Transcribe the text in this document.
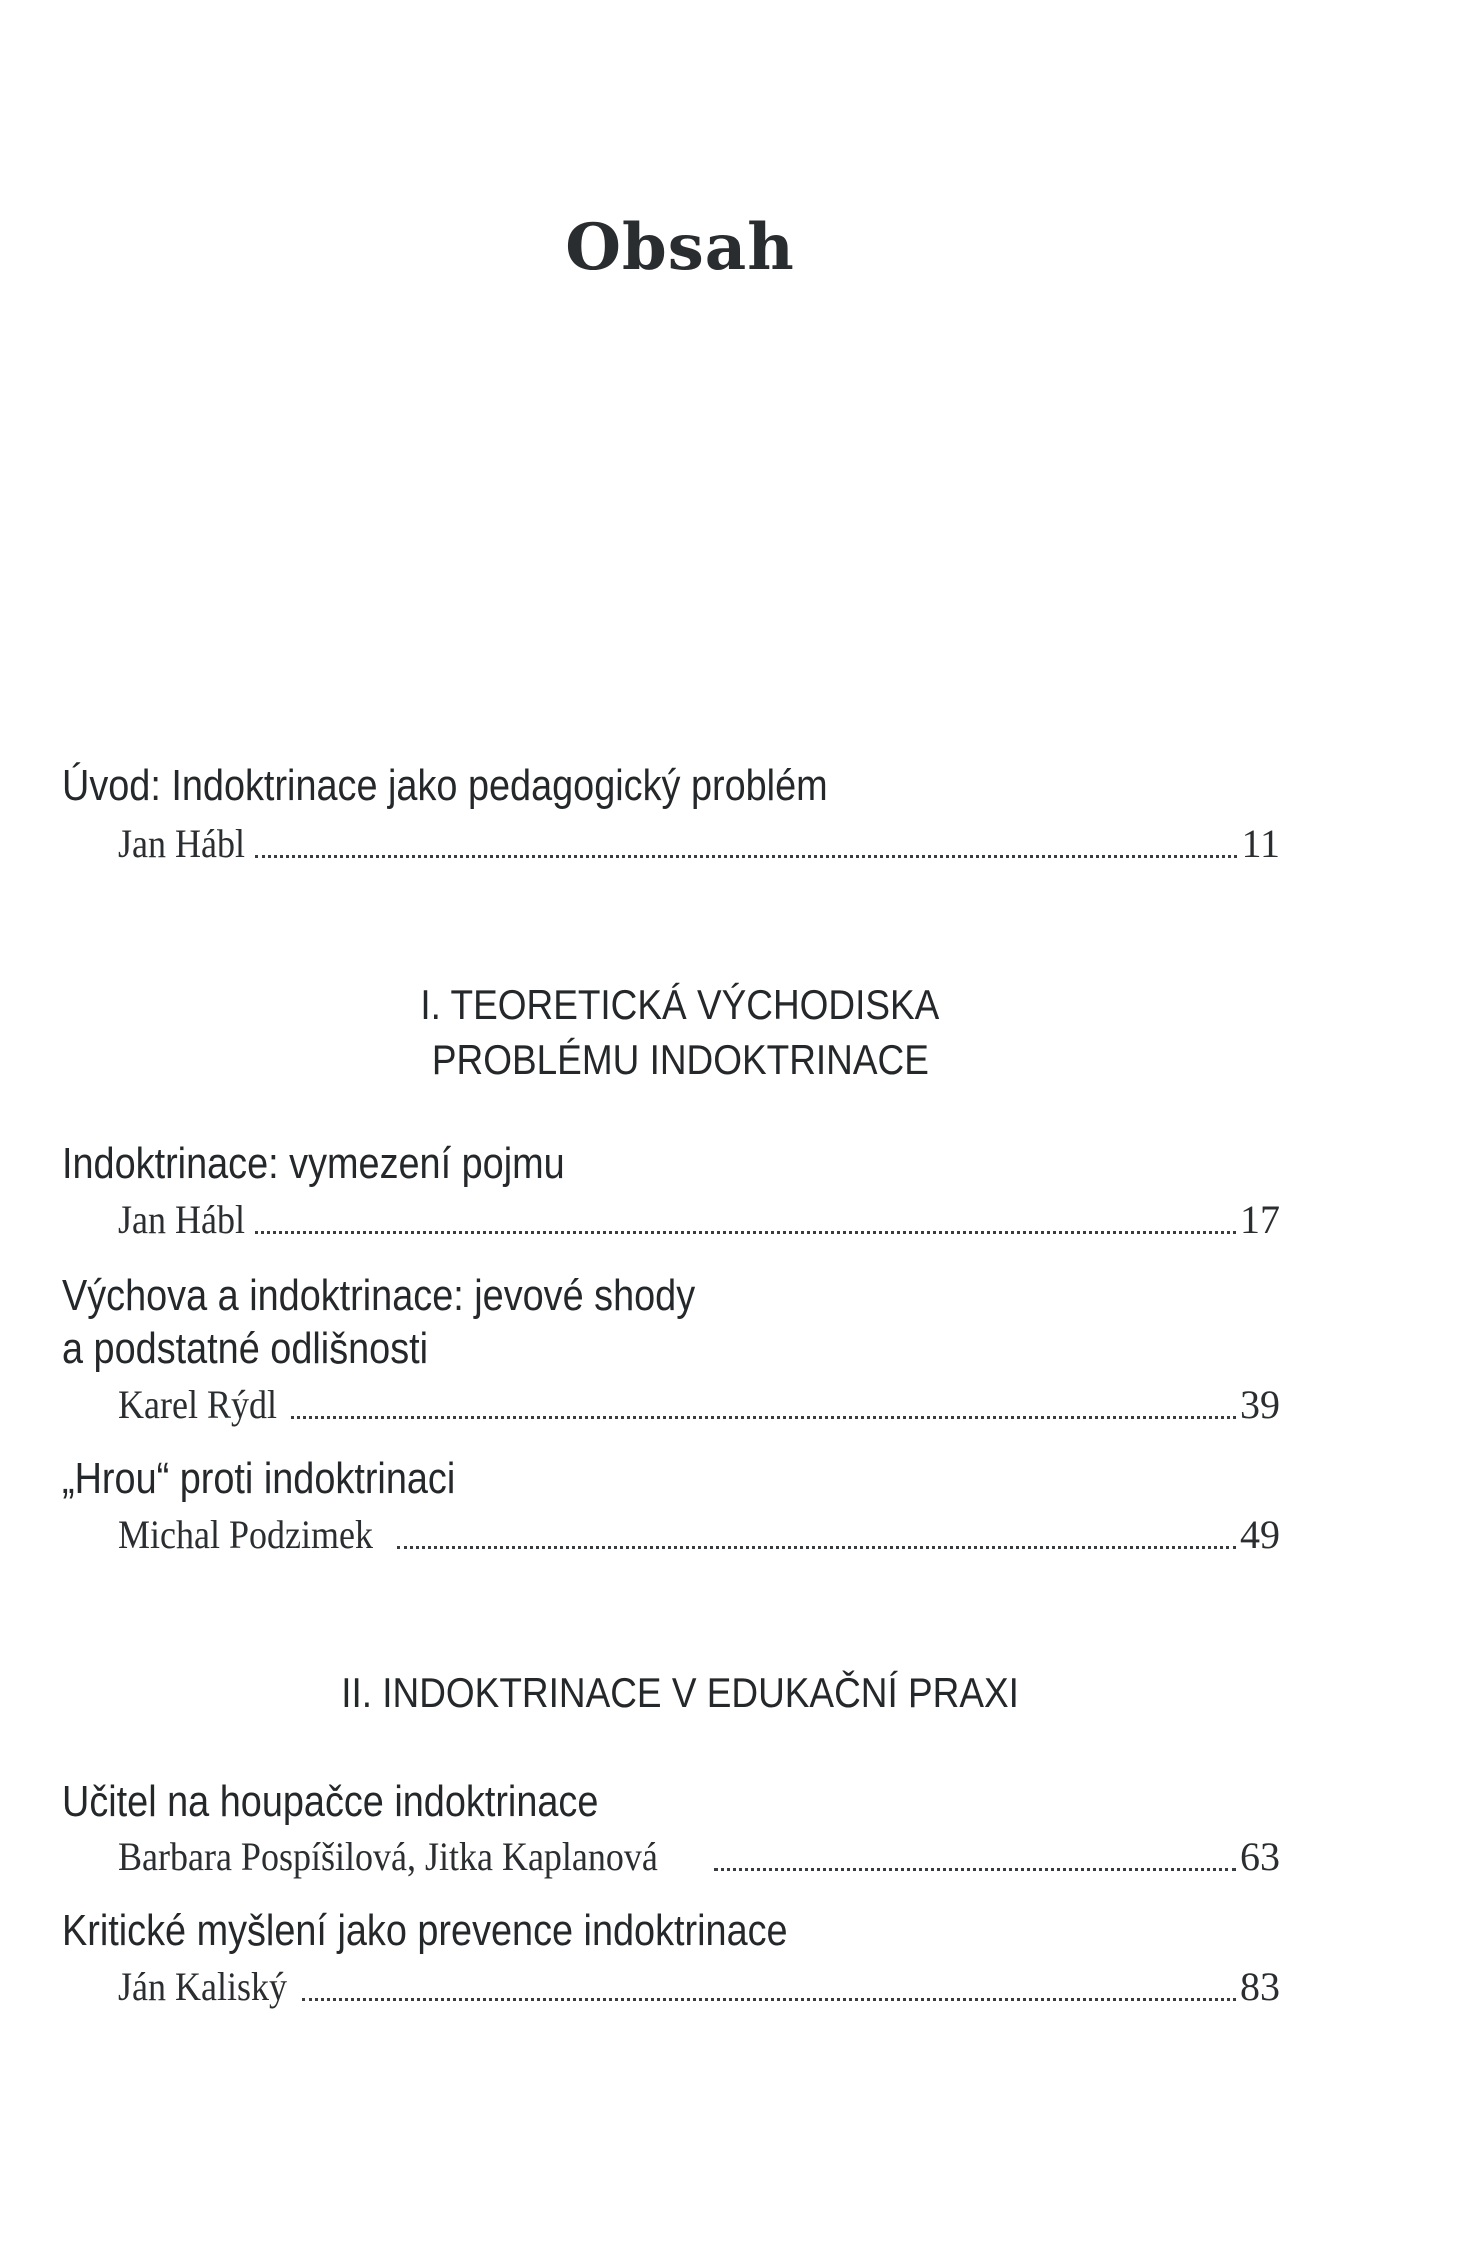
Obsah
I. TEORETICKÁ VÝCHODISKA
PROBLÉMU INDOKTRINACE
II. INDOKTRINACE V EDUKAČNÍ PRAXI
Úvod: Indoktrinace jako pedagogický problém
Jan Hábl	11
Indoktrinace: vymezení pojmu
Jan Hábl	17
Výchova a indoktrinace: jevové shody
a podstatné odlišnosti
Karel Rýdl	39
„Hrou“ proti indoktrinaci
Michal Podzimek	49
Učitel na houpačce indoktrinace
Barbara Pospíšilová, Jitka Kaplanová	63
Kritické myšlení jako prevence indoktrinace
Ján Kaliský	83
